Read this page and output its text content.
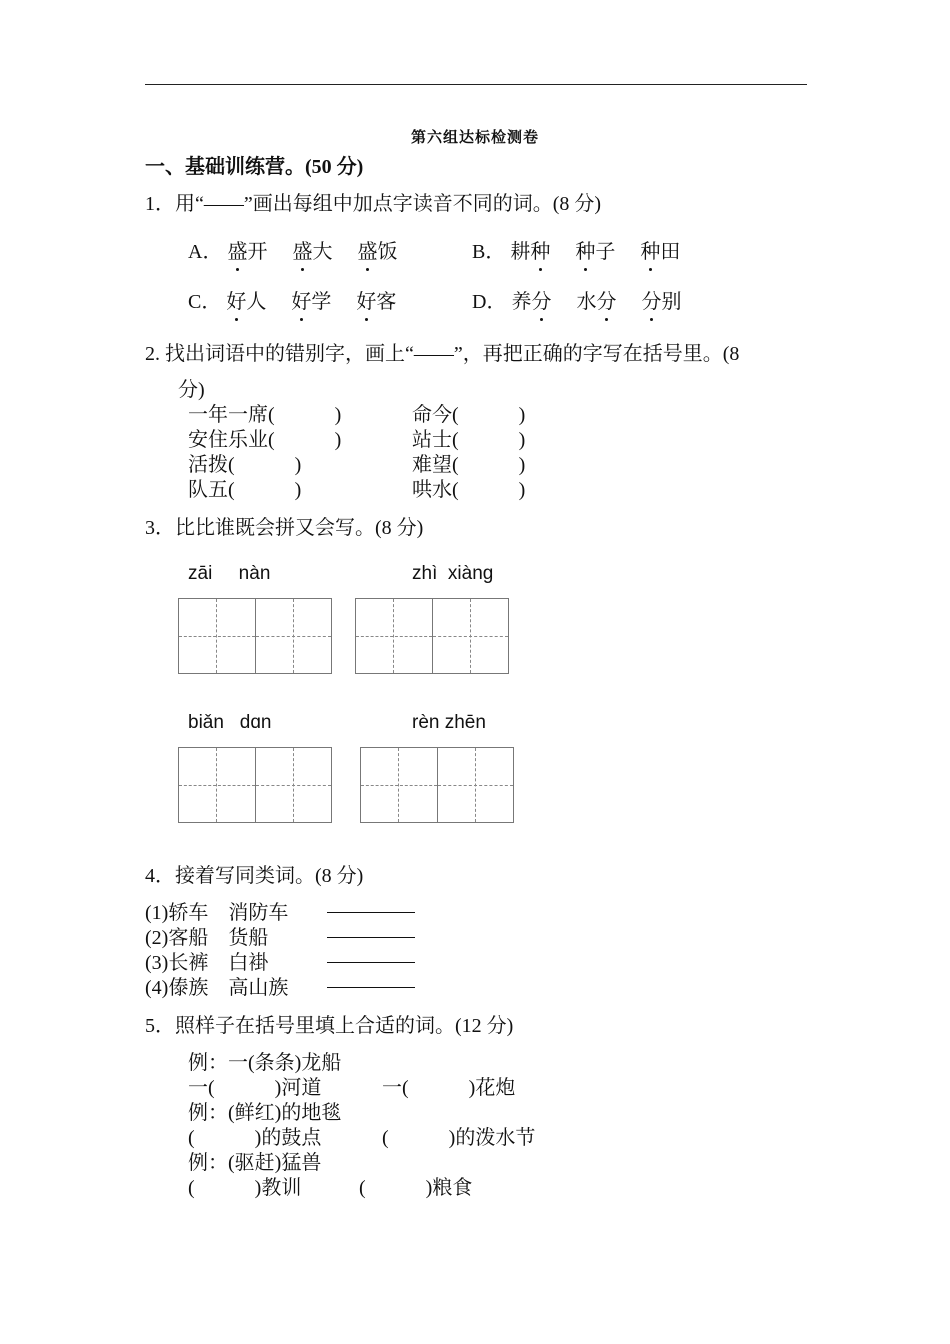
第六组达标检测卷
一、基础训练营。(50 分)
1．用“——”画出每组中加点字读音不同的词。(8 分)
A． 盛开 盛大 盛饭	B． 耕种 种子 种田
C． 好人 好学 好客	D． 养分 水分 分别
2. 找出词语中的错别字，画上“——”，再把正确的字写在括号里。(8
分)
一年一席(　　　)	命今(　　　)
安住乐业(　　　)	站士(　　　)
活拨(　　　)	难望(　　　)
队五(　　　)	哄水(　　　)
3．比比谁既会拼又会写。(8 分)
zāi     nàn	zhì  xiàng
biǎn   dɑn	rèn zhēn
4．接着写同类词。(8 分)
(1)轿车　消防车
(2)客船　货船
(3)长裤　白褂
(4)傣族　高山族
5．照样子在括号里填上合适的词。(12 分)
例：一(条条)龙船
一(　　　)河道	一(　　　)花炮
例：(鲜红)的地毯
(　　　)的鼓点	(　　　)的泼水节
例：(驱赶)猛兽
(　　　)教训	(　　　)粮食
